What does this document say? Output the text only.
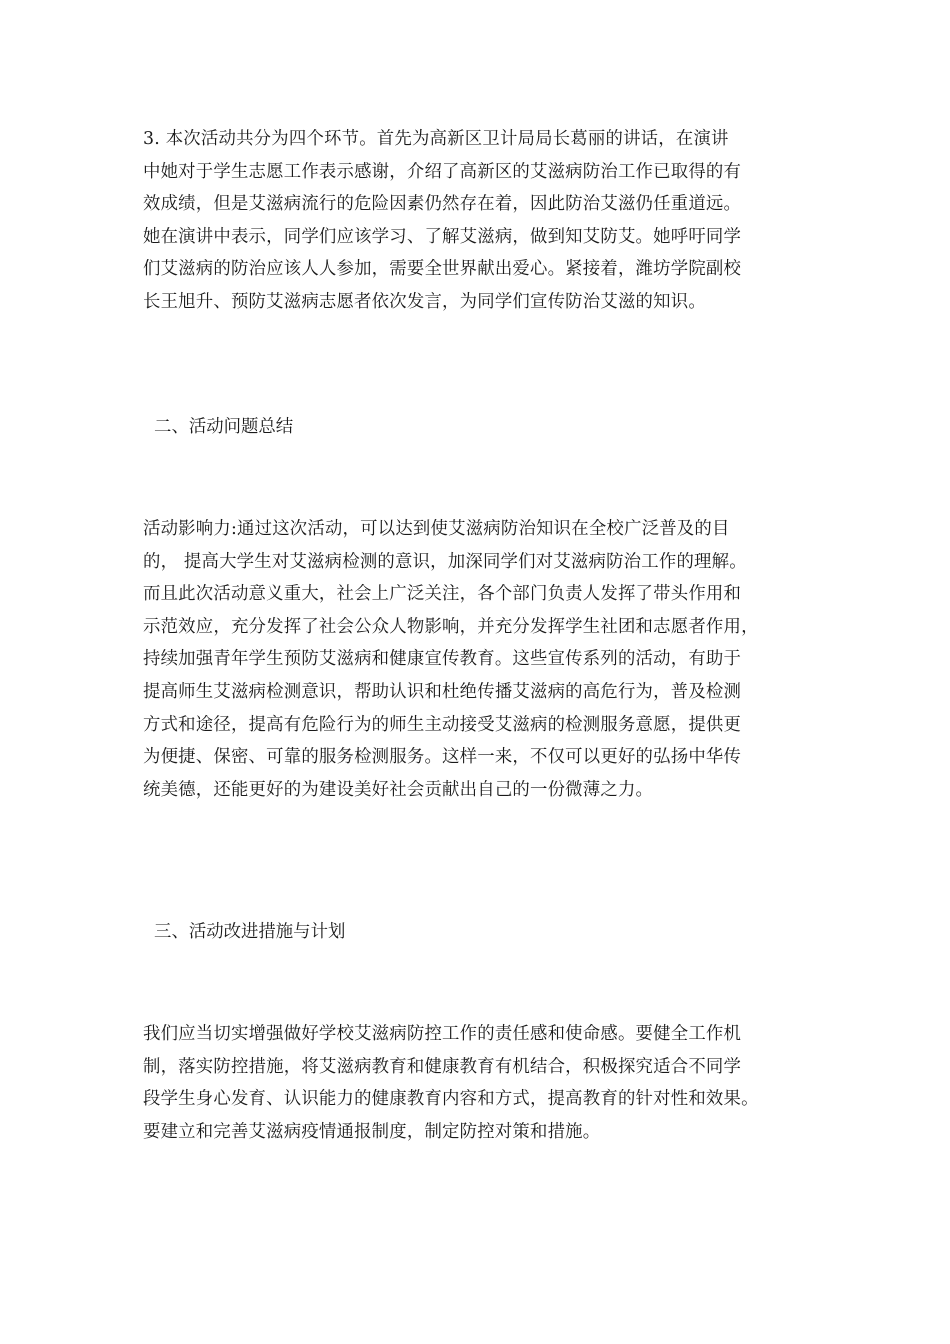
3. 本次活动共分为四个环节。首先为高新区卫计局局长葛丽的讲话，在演讲
中她对于学生志愿工作表示感谢，介绍了高新区的艾滋病防治工作已取得的有
效成绩，但是艾滋病流行的危险因素仍然存在着，因此防治艾滋仍任重道远。
她在演讲中表示，同学们应该学习、了解艾滋病，做到知艾防艾。她呼吁同学
们艾滋病的防治应该人人参加，需要全世界献出爱心。紧接着，潍坊学院副校
长王旭升、预防艾滋病志愿者依次发言，为同学们宣传防治艾滋的知识。

二、活动问题总结

活动影响力:通过这次活动，可以达到使艾滋病防治知识在全校广泛普及的目
的， 提高大学生对艾滋病检测的意识，加深同学们对艾滋病防治工作的理解。
而且此次活动意义重大，社会上广泛关注，各个部门负责人发挥了带头作用和
示范效应，充分发挥了社会公众人物影响，并充分发挥学生社团和志愿者作用，
持续加强青年学生预防艾滋病和健康宣传教育。这些宣传系列的活动，有助于
提高师生艾滋病检测意识，帮助认识和杜绝传播艾滋病的高危行为，普及检测
方式和途径，提高有危险行为的师生主动接受艾滋病的检测服务意愿，提供更
为便捷、保密、可靠的服务检测服务。这样一来，不仅可以更好的弘扬中华传
统美德，还能更好的为建设美好社会贡献出自己的一份微薄之力。

三、活动改进措施与计划

我们应当切实增强做好学校艾滋病防控工作的责任感和使命感。要健全工作机
制，落实防控措施，将艾滋病教育和健康教育有机结合，积极探究适合不同学
段学生身心发育、认识能力的健康教育内容和方式，提高教育的针对性和效果。
要建立和完善艾滋病疫情通报制度，制定防控对策和措施。
